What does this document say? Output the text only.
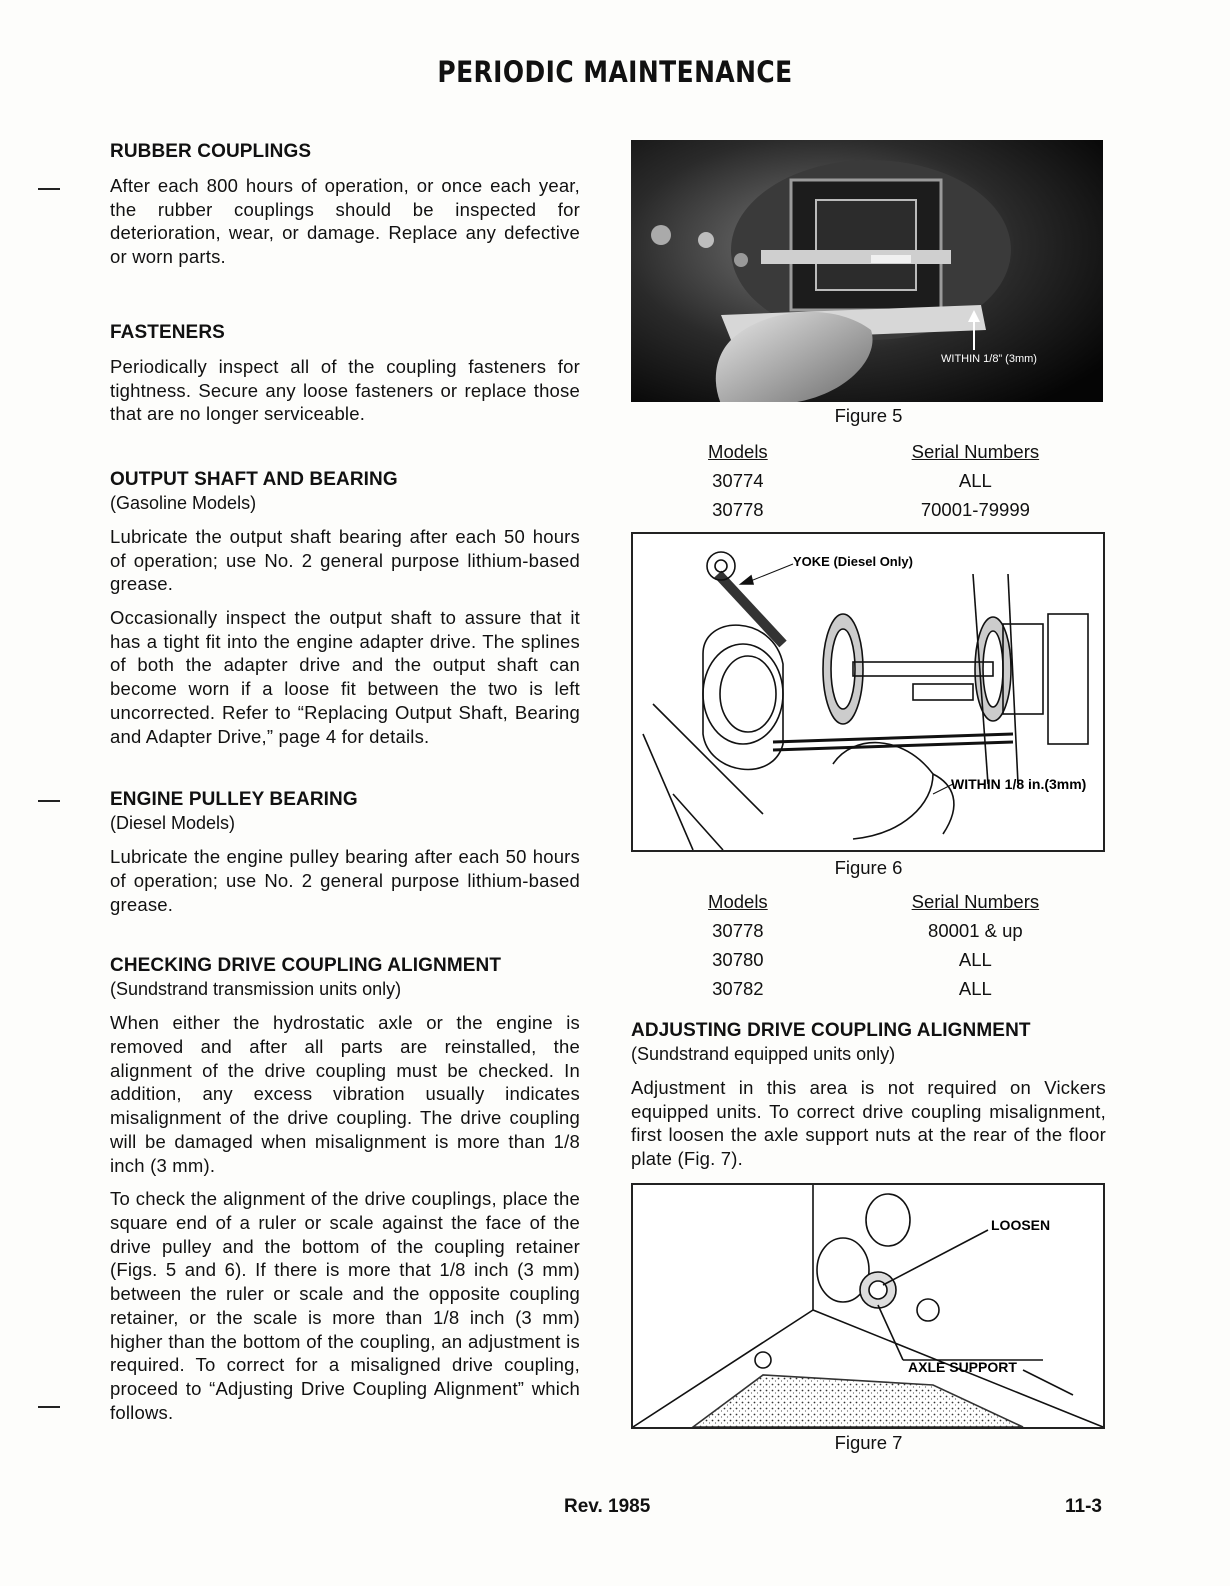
PERIODIC MAINTENANCE
RUBBER COUPLINGS

After each 800 hours of operation, or once each year, the rubber couplings should be inspected for deterioration, wear, or damage. Replace any defective or worn parts.

FASTENERS

Periodically inspect all of the coupling fasteners for tightness. Secure any loose fasteners or replace those that are no longer serviceable.

OUTPUT SHAFT AND BEARING
(Gasoline Models)

Lubricate the output shaft bearing after each 50 hours of operation; use No. 2 general purpose lithium-based grease.

Occasionally inspect the output shaft to assure that it has a tight fit into the engine adapter drive. The splines of both the adapter drive and the output shaft can become worn if a loose fit between the two is left uncorrected. Refer to “Replacing Output Shaft, Bearing and Adapter Drive,” page 4 for details.

ENGINE PULLEY BEARING
(Diesel Models)

Lubricate the engine pulley bearing after each 50 hours of operation; use No. 2 general purpose lithium-based grease.

CHECKING DRIVE COUPLING ALIGNMENT
(Sundstrand transmission units only)

When either the hydrostatic axle or the engine is removed and after all parts are reinstalled, the alignment of the drive coupling must be checked. In addition, any excess vibration usually indicates misalignment of the drive coupling. The drive coupling will be damaged when misalignment is more than 1/8 inch (3 mm).

To check the alignment of the drive couplings, place the square end of a ruler or scale against the face of the drive pulley and the bottom of the coupling retainer (Figs. 5 and 6). If there is more that 1/8 inch (3 mm) between the ruler or scale and the opposite coupling retainer, or the scale is more than 1/8 inch (3 mm) higher than the bottom of the coupling, an adjustment is required. To correct for a misaligned drive coupling, proceed to “Adjusting Drive Coupling Alignment” which follows.

WITHIN 1/8” (3mm)
Figure 5
Models	Serial Numbers
30774	ALL
30778	70001-79999
YOKE (Diesel Only)
WITHIN 1/8 in.(3mm)
Figure 6
Models	Serial Numbers
30778	80001 & up
30780	ALL
30782	ALL
ADJUSTING DRIVE COUPLING ALIGNMENT
(Sundstrand equipped units only)

Adjustment in this area is not required on Vickers equipped units. To correct drive coupling misalignment, first loosen the axle support nuts at the rear of the floor plate (Fig. 7).

LOOSEN
AXLE SUPPORT
Figure 7
Rev. 1985	11-3
